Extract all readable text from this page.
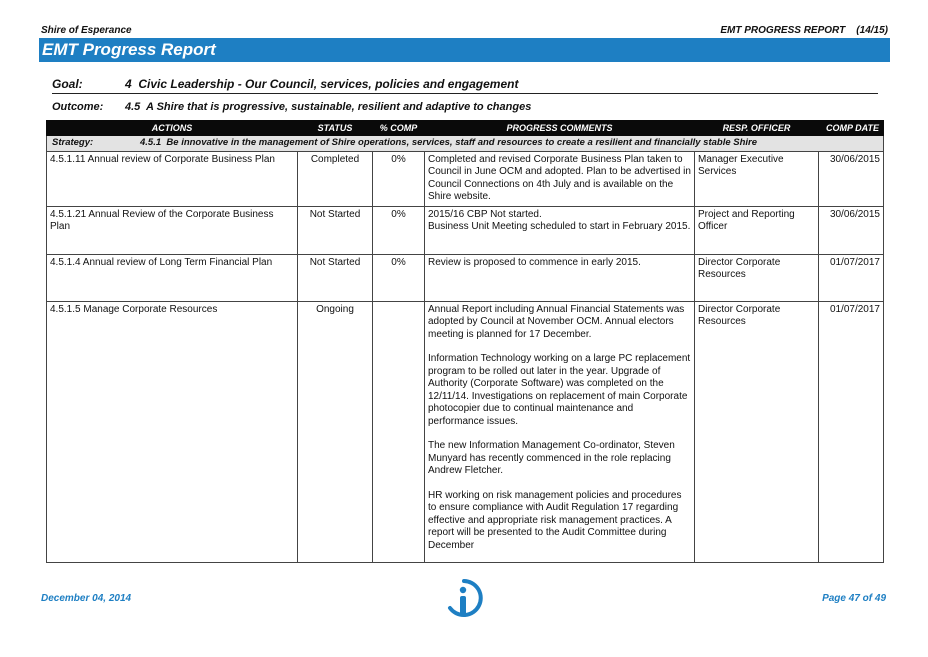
Shire of Esperance	EMT PROGRESS REPORT    (14/15)
EMT Progress Report
Goal:	4  Civic Leadership - Our Council, services, policies and engagement
Outcome: 4.5  A Shire that is progressive, sustainable, resilient and adaptive to changes
ACTIONS	STATUS	% COMP	PROGRESS COMMENTS	RESP. OFFICER	COMP DATE
Strategy: 4.5.1  Be innovative in the management of Shire operations, services, staff and resources to create a resilient and financially stable Shire					
4.5.1.11 Annual review of Corporate Business Plan	Completed	0%	Completed and revised Corporate Business Plan taken to Council in June OCM and adopted. Plan to be advertised in Council Connections on 4th July and is available on the Shire website.	Manager Executive Services	30/06/2015
4.5.1.21 Annual Review of the Corporate Business Plan	Not Started	0%	2015/16 CBP Not started.
Business Unit Meeting scheduled to start in February 2015.	Project and Reporting Officer	30/06/2015
4.5.1.4 Annual review of Long Term Financial Plan	Not Started	0%	Review is proposed to commence in early 2015.	Director Corporate Resources	01/07/2017
4.5.1.5 Manage Corporate Resources	Ongoing		Annual Report including Annual Financial Statements was adopted by Council at November OCM. Annual electors meeting is planned for 17 December.
Information Technology working on a large PC replacement program to be rolled out later in the year. Upgrade of Authority (Corporate Software) was completed on the 12/11/14. Investigations on replacement of main Corporate photocopier due to continual maintenance and performance issues.
The new Information Management Co-ordinator, Steven Munyard has recently commenced in the role replacing Andrew Fletcher.
HR working on risk management policies and procedures to ensure compliance with Audit Regulation 17 regarding effective and appropriate risk management practices. A report will be presented to the Audit Committee during December	Director Corporate Resources	01/07/2017
December 04, 2014	Page 47 of 49
